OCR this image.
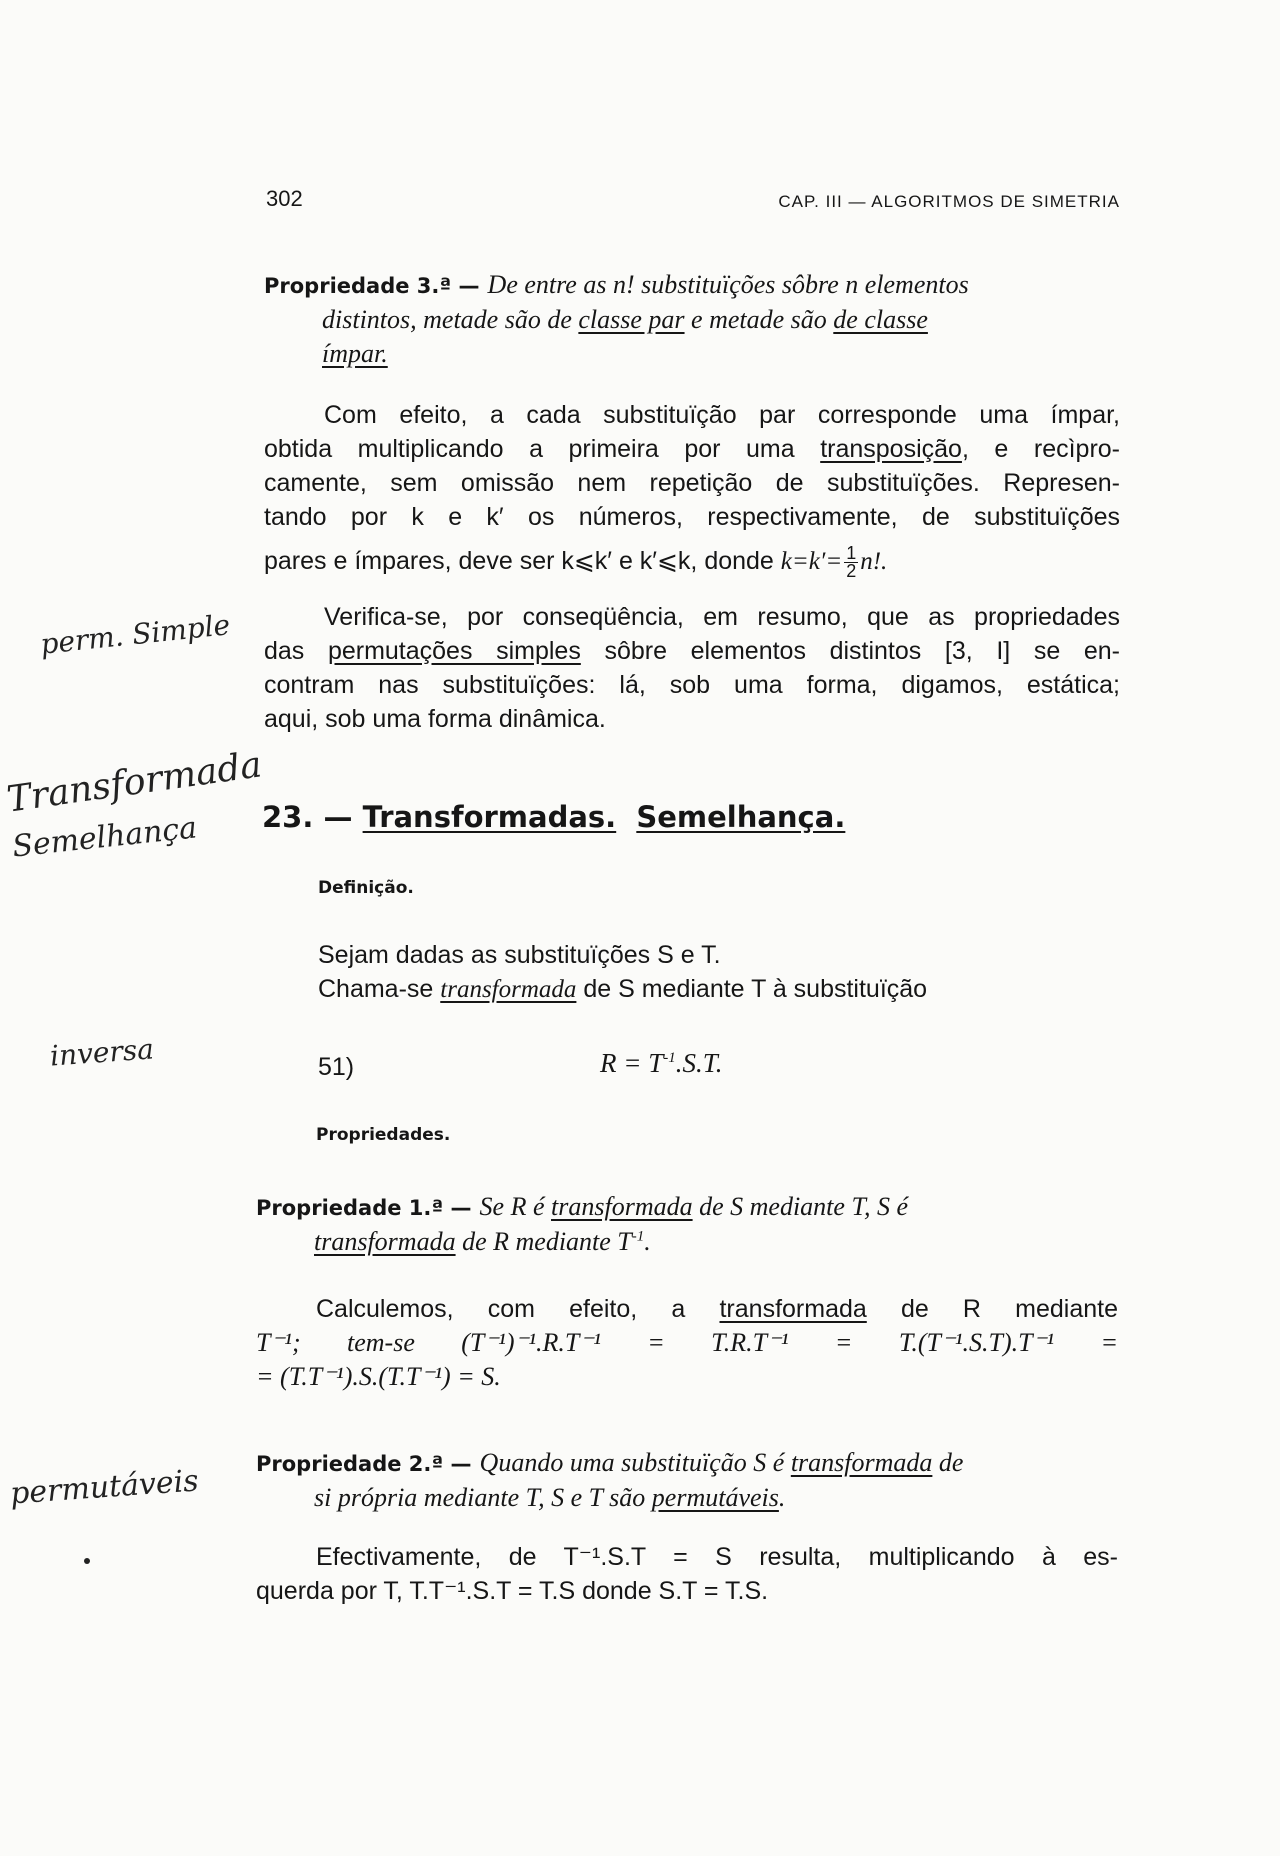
302	CAP. III — ALGORITMOS DE SIMETRIA
Propriedade 3.ª — De entre as n! substituïções sôbre n elementos
distintos, metade são de classe par e metade são de classe
ímpar.
Com efeito, a cada substituïção par corresponde uma ímpar,
obtida multiplicando a primeira por uma transposição, e recìpro-
camente, sem omissão nem repetição de substituïções. Represen-
tando por k e k′ os números, respectivamente, de substituïções
pares e ímpares, deve ser k⩽k′ e k′⩽k, donde $k=k'= \frac{1}{2} n$!.
Verifica-se, por conseqüência, em resumo, que as propriedades
das permutações simples sôbre elementos distintos [3, I] se en-
contram nas substituïções: lá, sob uma forma, digamos, estática;
aqui, sob uma forma dinâmica.
23. — Transformadas. Semelhança.
Definição.
Sejam dadas as substituïções S e T.
Chama-se transformada de S mediante T à substituïção
51)	$R = T^{-1}.S.T$.
Propriedades.
Propriedade 1.ª — Se R é transformada de S mediante T, S é
transformada de R mediante $T^{-1}$.
Calculemos, com efeito, a transformada de R mediante
T⁻¹; tem-se (T⁻¹)⁻¹.R.T⁻¹ = T.R.T⁻¹ = T.(T⁻¹.S.T).T⁻¹ =
= (T.T⁻¹).S.(T.T⁻¹) = S.
Propriedade 2.ª — Quando uma substituïção S é transformada de
si própria mediante T, S e T são permutáveis.
Efectivamente, de T⁻¹.S.T = S resulta, multiplicando à es-
querda por T, T.T⁻¹.S.T = T.S donde S.T = T.S.
perm. Simple
Transformada
Semelhança
inversa
permutáveis
